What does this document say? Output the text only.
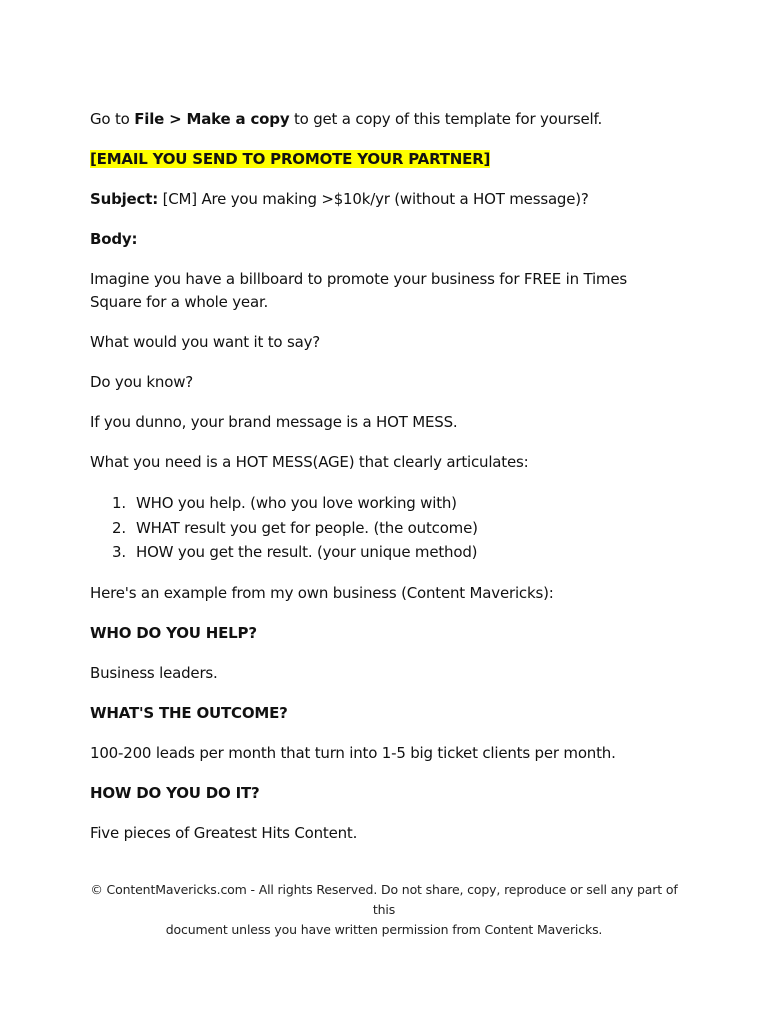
Go to File > Make a copy to get a copy of this template for yourself.

[EMAIL YOU SEND TO PROMOTE YOUR PARTNER]

Subject: [CM] Are you making >$10k/yr (without a HOT message)?

Body:

Imagine you have a billboard to promote your business for FREE in Times Square for a whole year.

What would you want it to say?

Do you know?

If you dunno, your brand message is a HOT MESS.

What you need is a HOT MESS(AGE) that clearly articulates:

WHO you help. (who you love working with)
WHAT result you get for people. (the outcome)
HOW you get the result. (your unique method)

Here's an example from my own business (Content Mavericks):

WHO DO YOU HELP?

Business leaders.

WHAT'S THE OUTCOME?

100-200 leads per month that turn into 1-5 big ticket clients per month.

HOW DO YOU DO IT?

Five pieces of Greatest Hits Content.

© ContentMavericks.com - All rights Reserved. Do not share, copy, reproduce or sell any part of this
document unless you have written permission from Content Mavericks.
